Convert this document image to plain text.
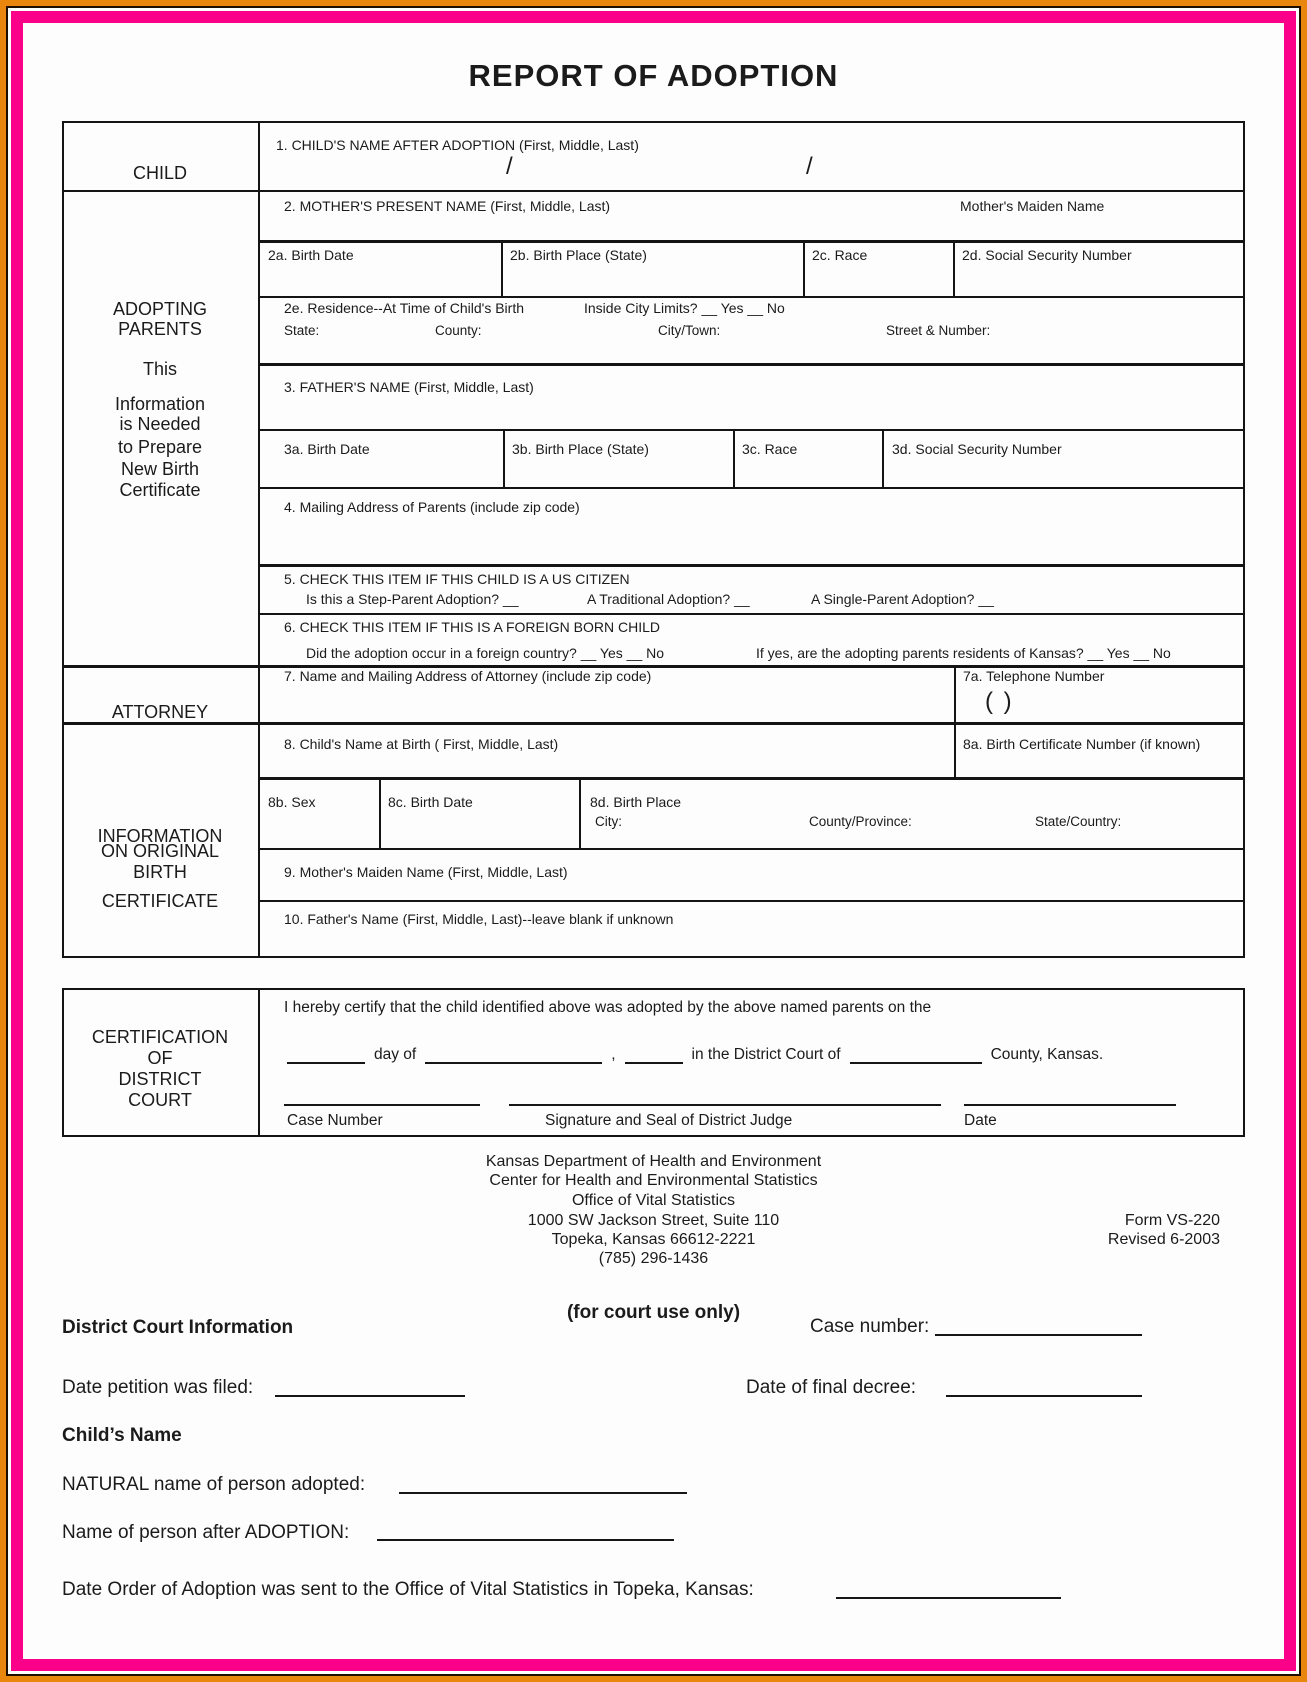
REPORT OF ADOPTION
CHILD
ADOPTING
PARENTS
This
Information
is Needed
to Prepare
New Birth
Certificate
ATTORNEY
INFORMATION
ON ORIGINAL
BIRTH
CERTIFICATE
1. CHILD'S NAME AFTER ADOPTION (First, Middle, Last)
/	/
2. MOTHER'S PRESENT NAME (First, Middle, Last)	Mother's Maiden Name
2a. Birth Date	2b. Birth Place (State)	2c. Race	2d. Social Security Number
2e. Residence--At Time of Child's Birth	Inside City Limits? __ Yes __ No
State:	County:	City/Town:	Street & Number:
3. FATHER'S NAME (First, Middle, Last)
3a. Birth Date	3b. Birth Place (State)	3c. Race	3d. Social Security Number
4. Mailing Address of Parents (include zip code)
5. CHECK THIS ITEM IF THIS CHILD IS A US CITIZEN
Is this a Step-Parent Adoption? __	A Traditional Adoption? __	A Single-Parent Adoption? __
6. CHECK THIS ITEM IF THIS IS A FOREIGN BORN CHILD
Did the adoption occur in a foreign country? __ Yes __ No	If yes, are the adopting parents residents of Kansas? __ Yes __ No
7. Name and Mailing Address of Attorney (include zip code)	7a. Telephone Number
( )
8. Child's Name at Birth ( First, Middle, Last)	8a. Birth Certificate Number (if known)
8b. Sex	8c. Birth Date	8d. Birth Place
City:	County/Province:	State/Country:
9. Mother's Maiden Name (First, Middle, Last)
10. Father's Name (First, Middle, Last)--leave blank if unknown
CERTIFICATION
OF
DISTRICT
COURT
I hereby certify that the child identified above was adopted by the above named parents on the
day of	,	in the District Court of	County, Kansas.
Case Number	Signature and Seal of District Judge	Date
Kansas Department of Health and Environment
Center for Health and Environmental Statistics
Office of Vital Statistics
1000 SW Jackson Street, Suite 110
Topeka, Kansas 66612-2221
(785) 296-1436
Form VS-220
Revised 6-2003
(for court use only)
District Court Information	Case number:
Date petition was filed:	Date of final decree:
Child’s Name
NATURAL name of person adopted:
Name of person after ADOPTION:
Date Order of Adoption was sent to the Office of Vital Statistics in Topeka, Kansas:
